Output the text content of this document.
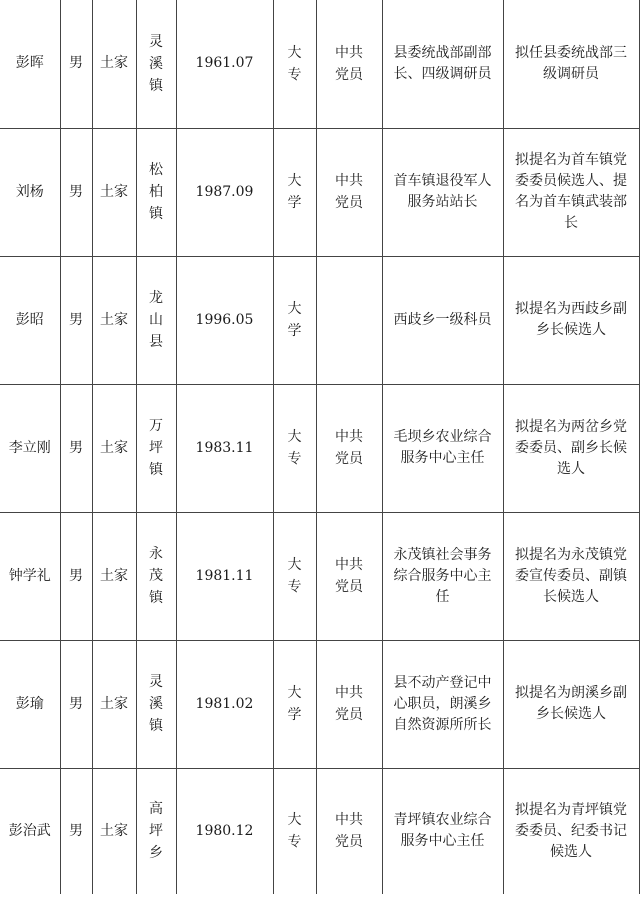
彭晖	男	土家	灵溪镇	1961.07	大专	中共党员	县委统战部副部长、四级调研员	拟任县委统战部三级调研员

刘杨	男	土家	松柏镇	1987.09	大学	中共党员	首车镇退役军人服务站站长	拟提名为首车镇党委委员候选人、提名为首车镇武装部长

彭昭	男	土家	龙山县	1996.05	大学		西歧乡一级科员	拟提名为西歧乡副乡长候选人

李立刚	男	土家	万坪镇	1983.11	大专	中共党员	毛坝乡农业综合服务中心主任	拟提名为两岔乡党委委员、副乡长候选人

钟学礼	男	土家	永茂镇	1981.11	大专	中共党员	永茂镇社会事务综合服务中心主任	拟提名为永茂镇党委宣传委员、副镇长候选人

彭瑜	男	土家	灵溪镇	1981.02	大学	中共党员	县不动产登记中心职员，朗溪乡自然资源所所长	拟提名为朗溪乡副乡长候选人

彭治武	男	土家	高坪乡	1980.12	大专	中共党员	青坪镇农业综合服务中心主任	拟提名为青坪镇党委委员、纪委书记候选人
